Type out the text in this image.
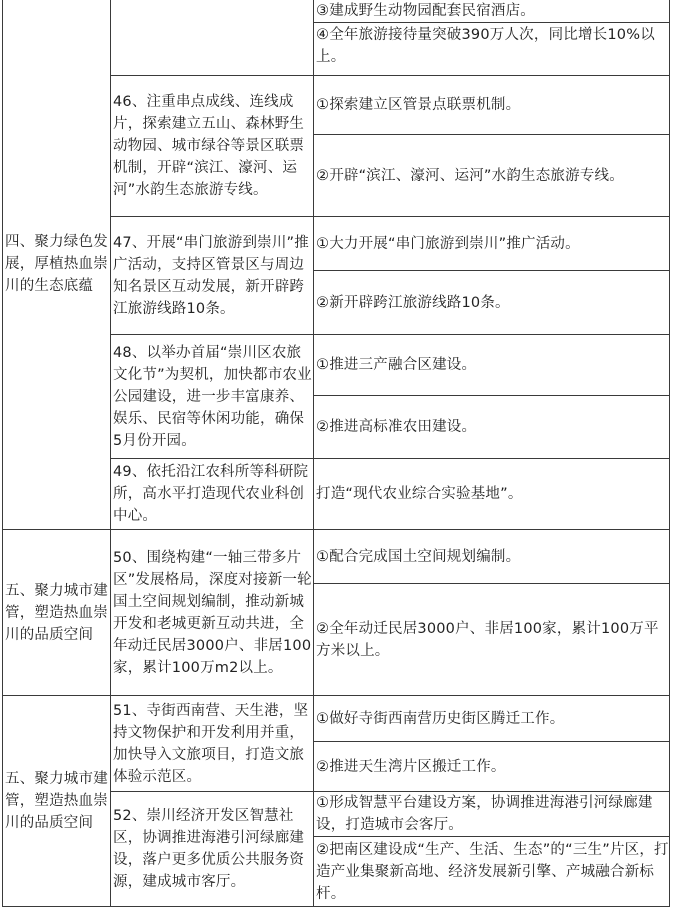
四、聚力绿色发展，厚植热血崇川的生态底蕴		③建成野生动物园配套民宿酒店。
		④全年旅游接待量突破390万人次，同比增长10%以上。
	46、注重串点成线、连线成片，探索建立五山、森林野生动物园、城市绿谷等景区联票机制，开辟“滨江、濠河、运河”水韵生态旅游专线。	①探索建立区管景点联票机制。
		②开辟“滨江、濠河、运河”水韵生态旅游专线。
	47、开展“串门旅游到崇川”推广活动，支持区管景区与周边知名景区互动发展，新开辟跨江旅游线路10条。	①大力开展“串门旅游到崇川”推广活动。
		②新开辟跨江旅游线路10条。
	48、以举办首届“崇川区农旅文化节”为契机，加快都市农业公园建设，进一步丰富康养、娱乐、民宿等休闲功能，确保5月份开园。	①推进三产融合区建设。
		②推进高标准农田建设。
	49、依托沿江农科所等科研院所，高水平打造现代农业科创中心。	打造“现代农业综合实验基地”。
五、聚力城市建管，塑造热血崇川的品质空间	50、围绕构建“一轴三带多片区”发展格局，深度对接新一轮国土空间规划编制，推动新城开发和老城更新互动共进，全年动迁民居3000户、非居100家，累计100万m2以上。	①配合完成国土空间规划编制。
		②全年动迁民居3000户、非居100家，累计100万平方米以上。
五、聚力城市建管，塑造热血崇川的品质空间	51、寺街西南营、天生港，坚持文物保护和开发利用并重，加快导入文旅项目，打造文旅体验示范区。	①做好寺街西南营历史街区腾迁工作。
		②推进天生湾片区搬迁工作。
	52、崇川经济开发区智慧社区，协调推进海港引河绿廊建设，落户更多优质公共服务资源，建成城市客厅。	①形成智慧平台建设方案，协调推进海港引河绿廊建设，打造城市会客厅。
		②把南区建设成“生产、生活、生态”的“三生”片区，打造产业集聚新高地、经济发展新引擎、产城融合新标杆。
